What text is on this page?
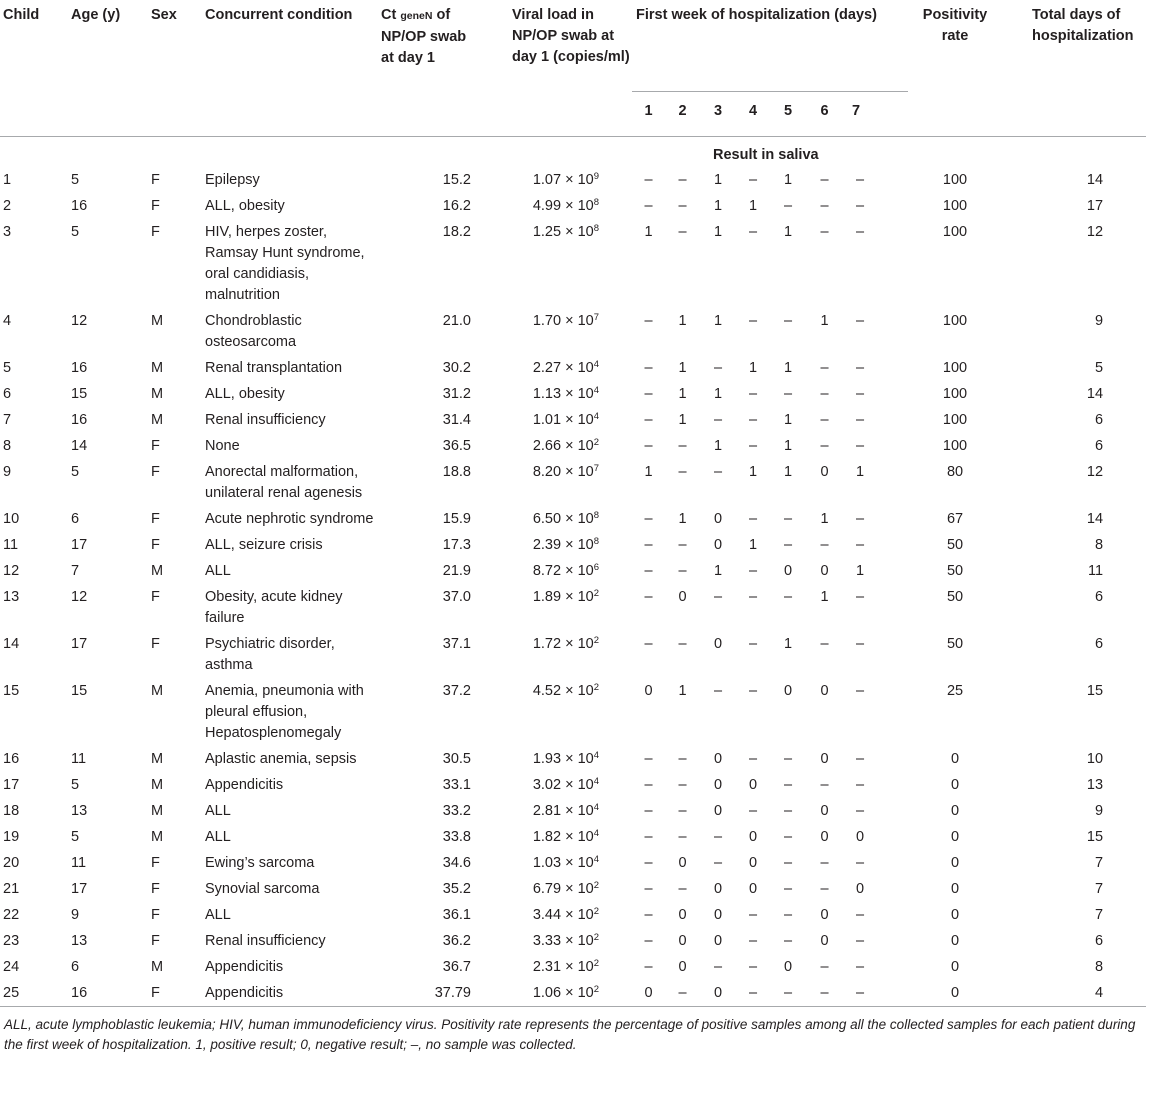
Child	Age (y)	Sex	Concurrent condition	Ct geneN of NP/OP swab at day 1	Viral load in NP/OP swab at day 1 (copies/ml)	First week of hospitalization (days)							Positivity rate	Total days of hospitalization

						1	2	3	4	5	6	7		

						Result in saliva								
1	5	F	Epilepsy	15.2	$1.07 \times 10^9$	–	–	1	–	1	–	–	100	14
2	16	F	ALL, obesity	16.2	$4.99 \times 10^8$	–	–	1	1	–	–	–	100	17
3	5	F	HIV, herpes zoster, Ramsay Hunt syndrome, oral candidiasis, malnutrition	18.2	$1.25 \times 10^8$	1	–	1	–	1	–	–	100	12
4	12	M	Chondroblastic osteosarcoma	21.0	$1.70 \times 10^7$	–	1	1	–	–	1	–	100	9
5	16	M	Renal transplantation	30.2	$2.27 \times 10^4$	–	1	–	1	1	–	–	100	5
6	15	M	ALL, obesity	31.2	$1.13 \times 10^4$	–	1	1	–	–	–	–	100	14
7	16	M	Renal insufficiency	31.4	$1.01 \times 10^4$	–	1	–	–	1	–	–	100	6
8	14	F	None	36.5	$2.66 \times 10^2$	–	–	1	–	1	–	–	100	6
9	5	F	Anorectal malformation, unilateral renal agenesis	18.8	$8.20 \times 10^7$	1	–	–	1	1	0	1	80	12
10	6	F	Acute nephrotic syndrome	15.9	$6.50 \times 10^8$	–	1	0	–	–	1	–	67	14
11	17	F	ALL, seizure crisis	17.3	$2.39 \times 10^8$	–	–	0	1	–	–	–	50	8
12	7	M	ALL	21.9	$8.72 \times 10^6$	–	–	1	–	0	0	1	50	11
13	12	F	Obesity, acute kidney failure	37.0	$1.89 \times 10^2$	–	0	–	–	–	1	–	50	6
14	17	F	Psychiatric disorder, asthma	37.1	$1.72 \times 10^2$	–	–	0	–	1	–	–	50	6
15	15	M	Anemia, pneumonia with pleural effusion, Hepatosplenomegaly	37.2	$4.52 \times 10^2$	0	1	–	–	0	0	–	25	15
16	11	M	Aplastic anemia, sepsis	30.5	$1.93 \times 10^4$	–	–	0	–	–	0	–	0	10
17	5	M	Appendicitis	33.1	$3.02 \times 10^4$	–	–	0	0	–	–	–	0	13
18	13	M	ALL	33.2	$2.81 \times 10^4$	–	–	0	–	–	0	–	0	9
19	5	M	ALL	33.8	$1.82 \times 10^4$	–	–	–	0	–	0	0	0	15
20	11	F	Ewing’s sarcoma	34.6	$1.03 \times 10^4$	–	0	–	0	–	–	–	0	7
21	17	F	Synovial sarcoma	35.2	$6.79 \times 10^2$	–	–	0	0	–	–	0	0	7
22	9	F	ALL	36.1	$3.44 \times 10^2$	–	0	0	–	–	0	–	0	7
23	13	F	Renal insufficiency	36.2	$3.33 \times 10^2$	–	0	0	–	–	0	–	0	6
24	6	M	Appendicitis	36.7	$2.31 \times 10^2$	–	0	–	–	0	–	–	0	8
25	16	F	Appendicitis	37.79	$1.06 \times 10^2$	0	–	0	–	–	–	–	0	4

ALL, acute lymphoblastic leukemia; HIV, human immunodeficiency virus. Positivity rate represents the percentage of positive samples among all the collected samples for each patient during the first week of hospitalization. 1, positive result; 0, negative result; –, no sample was collected.
